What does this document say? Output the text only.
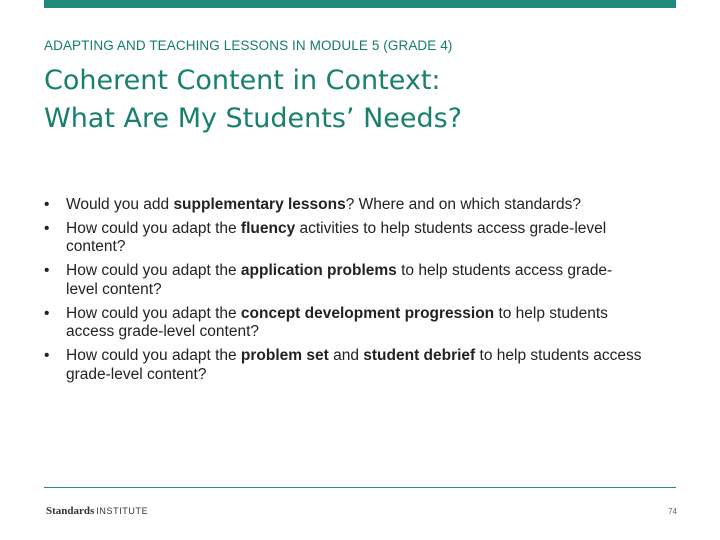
ADAPTING AND TEACHING LESSONS IN MODULE 5 (GRADE 4)
Coherent Content in Context:
What Are My Students’ Needs?
• Would you add supplementary lessons? Where and on which standards?
• How could you adapt the fluency activities to help students access grade-level content?
• How could you adapt the application problems to help students access grade-level content?
• How could you adapt the concept development progression to help students access grade-level content?
• How could you adapt the problem set and student debrief to help students access grade-level content?
Standards INSTITUTE	74
